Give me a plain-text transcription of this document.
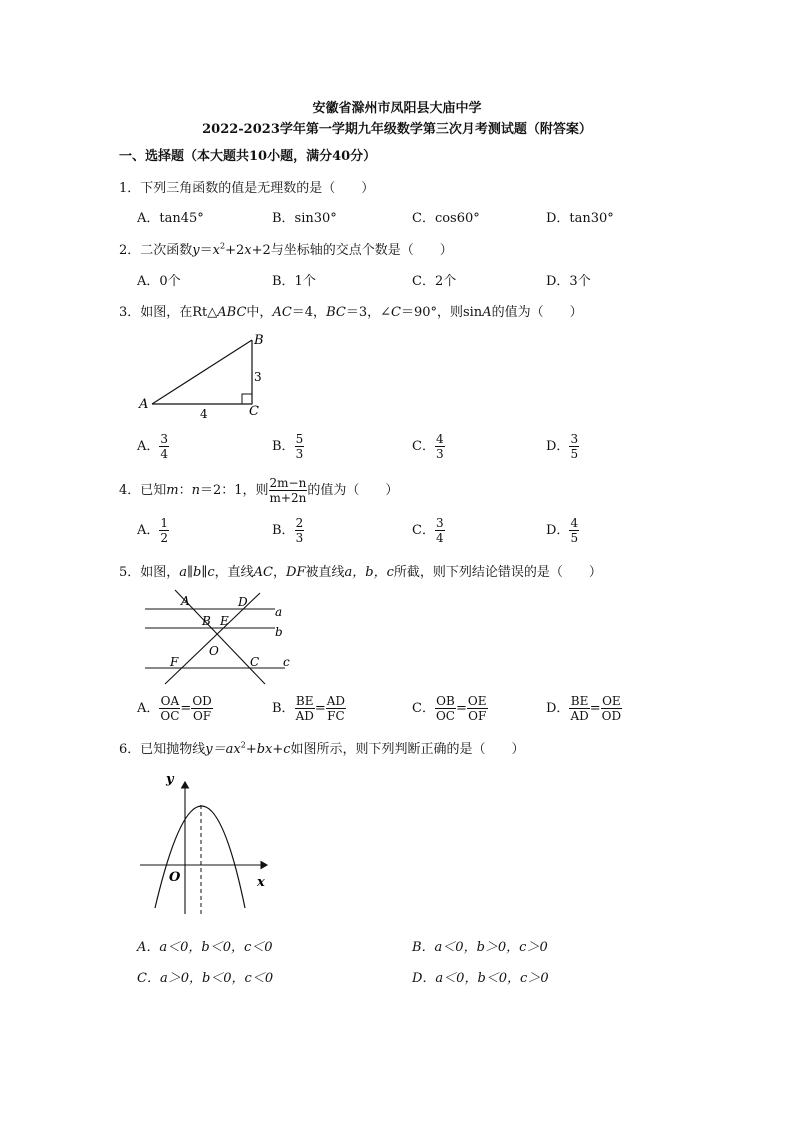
安徽省滁州市凤阳县大庙中学
2022-2023学年第一学期九年级数学第三次月考测试题（附答案）
一、选择题（本大题共10小题，满分40分）
1．下列三角函数的值是无理数的是（　　）
A．tan45°	B．sin30°	C．cos60°	D．tan30°
2．二次函数$y=x^2+2x+2$与坐标轴的交点个数是（　　）
A．0个	B．1个	C．2个	D．3个
3．如图，在Rt△ABC中，AC＝4，BC＝3，∠C＝90°，则sinA的值为（　　）
A
B
C
3
4
A． $\frac{3}{4}$	B． $\frac{5}{3}$	C． $\frac{4}{3}$	D． $\frac{3}{5}$
4．已知m：n＝2：1，则 $\frac{2m-n}{m+2n}$ 的值为（　　）
A． $\frac{1}{2}$	B． $\frac{2}{3}$	C． $\frac{3}{4}$	D． $\frac{4}{5}$
5．如图，a∥b∥c，直线AC，DF被直线a，b，c所截，则下列结论错误的是（　　）
A	D
a
B E
b
O
F	C c
A． $\frac{OA}{OC} = \frac{OD}{OF}$	B． $\frac{BE}{AD} = \frac{AD}{FC}$	C． $\frac{OB}{OC} = \frac{OE}{OF}$	D． $\frac{BE}{AD} = \frac{OE}{OD}$
6．已知抛物线$y=ax^2+bx+c$如图所示，则下列判断正确的是（　　）
y
x
O
A．a＜0，b＜0，c＜0	B．a＜0，b＞0，c＞0
C．a＞0，b＜0，c＜0	D．a＜0，b＜0，c＞0
